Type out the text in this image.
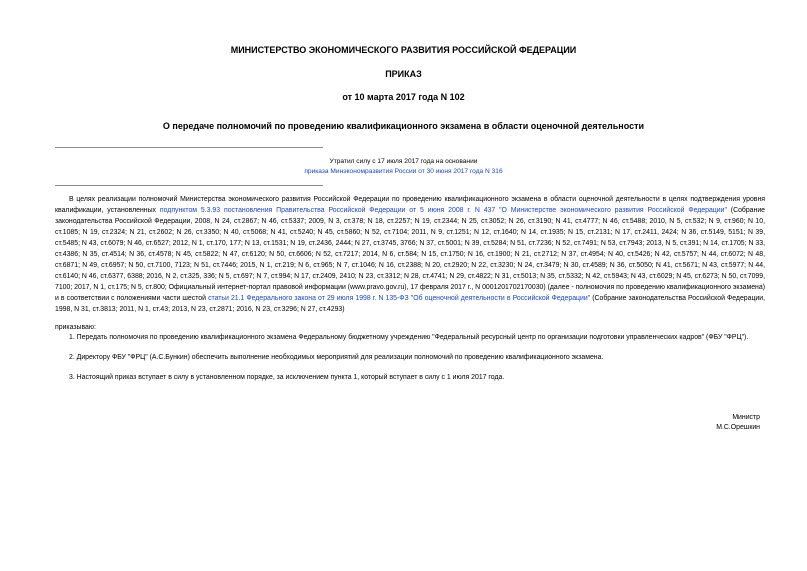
МИНИСТЕРСТВО ЭКОНОМИЧЕСКОГО РАЗВИТИЯ РОССИЙСКОЙ ФЕДЕРАЦИИ

ПРИКАЗ

от 10 марта 2017 года N 102

О передаче полномочий по проведению квалификационного экзамена в области оценочной деятельности

Утратил силу с 17 июля 2017 года на основании
приказа Минэкономразвития России от 30 июня 2017 года N 316
В целях реализации полномочий Министерства экономического развития Российской Федерации по проведению квалификационного экзамена в области оценочной деятельности в целях подтверждения уровня квалификации, установленных подпунктом 5.3.93 постановления Правительства Российской Федерации от 5 июня 2008 г. N 437 "О Министерстве экономического развития Российской Федерации" (Собрание законодательства Российской Федерации, 2008, N 24, ст.2867; N 46, ст.5337; 2009, N 3, ст.378; N 18, ст.2257; N 19, ст.2344; N 25, ст.3052; N 26, ст.3190; N 41, ст.4777; N 46, ст.5488; 2010, N 5, ст.532; N 9, ст.960; N 10, ст.1085; N 19, ст.2324; N 21, ст.2602; N 26, ст.3350; N 40, ст.5068; N 41, ст.5240; N 45, ст.5860; N 52, ст.7104; 2011, N 9, ст.1251; N 12, ст.1640; N 14, ст.1935; N 15, ст.2131; N 17, ст.2411, 2424; N 36, ст.5149, 5151; N 39, ст.5485; N 43, ст.6079; N 46, ст.6527; 2012, N 1, ст.170, 177; N 13, ст.1531; N 19, ст.2436, 2444; N 27, ст.3745, 3766; N 37, ст.5001; N 39, ст.5284; N 51, ст.7236; N 52, ст.7491; N 53, ст.7943; 2013, N 5, ст.391; N 14, ст.1705; N 33, ст.4386; N 35, ст.4514; N 36, ст.4578; N 45, ст.5822; N 47, ст.6120; N 50, ст.6606; N 52, ст.7217; 2014, N 6, ст.584; N 15, ст.1750; N 16, ст.1900; N 21, ст.2712; N 37, ст.4954; N 40, ст.5426; N 42, ст.5757; N 44, ст.6072; N 48, ст.6871; N 49, ст.6957; N 50, ст.7100, 7123; N 51, ст.7446; 2015, N 1, ст.219; N 6, ст.965; N 7, ст.1046; N 16, ст.2388; N 20, ст.2920; N 22, ст.3230; N 24, ст.3479; N 30, ст.4589; N 36, ст.5050; N 41, ст.5671; N 43, ст.5977; N 44, ст.6140; N 46, ст.6377, 6388; 2016, N 2, ст.325, 336; N 5, ст.697; N 7, ст.994; N 17, ст.2409, 2410; N 23, ст.3312; N 28, ст.4741; N 29, ст.4822; N 31, ст.5013; N 35, ст.5332; N 42, ст.5943; N 43, ст.6029; N 45, ст.6273; N 50, ст.7099, 7100; 2017, N 1, ст.175; N 5, ст.800; Официальный интернет-портал правовой информации (www.pravo.gov.ru), 17 февраля 2017 г., N 0001201702170030) (далее - полномочия по проведению квалификационного экзамена) и в соответствии с положениями части шестой статьи 21.1 Федерального закона от 29 июля 1998 г. N 135-ФЗ "Об оценочной деятельности в Российской Федерации" (Собрание законодательства Российской Федерации, 1998, N 31, ст.3813; 2011, N 1, ст.43; 2013, N 23, ст.2871; 2016, N 23, ст.3296; N 27, ст.4293)
приказываю:
1. Передать полномочия по проведению квалификационного экзамена Федеральному бюджетному учреждению "Федеральный ресурсный центр по организации подготовки управленческих кадров" (ФБУ "ФРЦ").
2. Директору ФБУ "ФРЦ" (А.С.Бункин) обеспечить выполнение необходимых мероприятий для реализации полномочий по проведению квалификационного экзамена.
3. Настоящий приказ вступает в силу в установленном порядке, за исключением пункта 1, который вступает в силу с 1 июля 2017 года.
Министр
М.С.Орешкин
